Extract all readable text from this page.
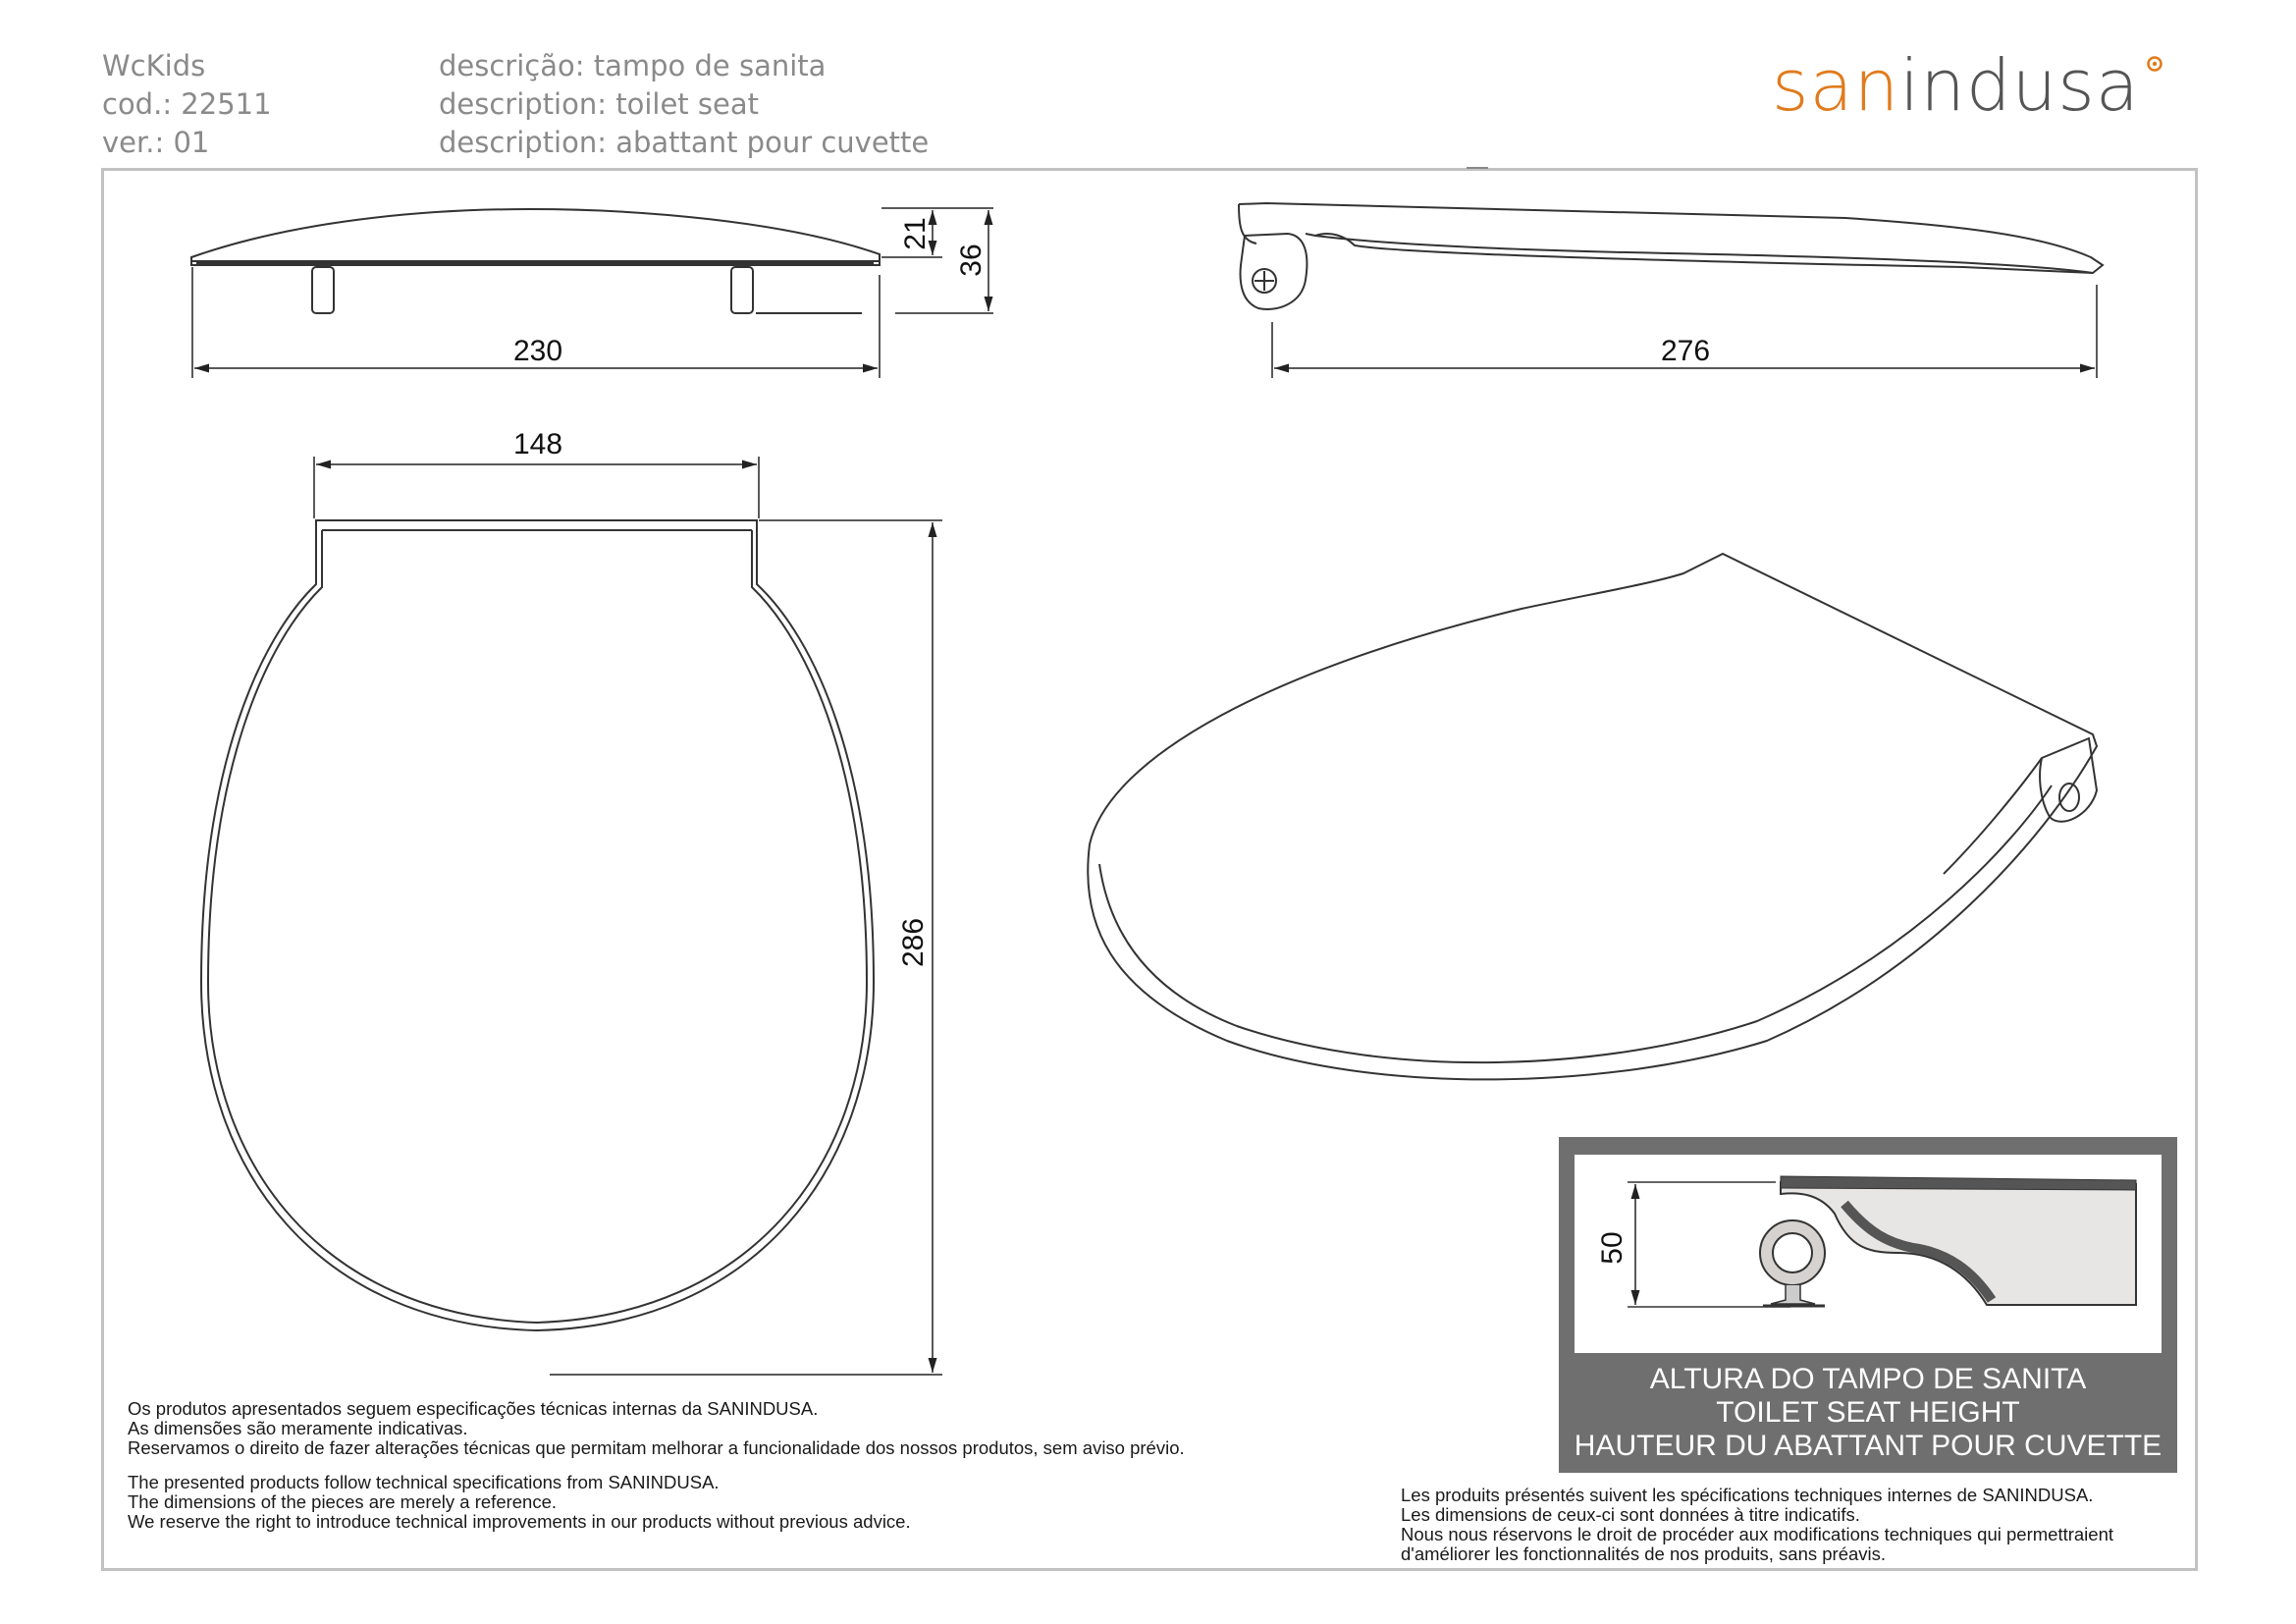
WcKids
cod.: 22511
ver.: 01
descrição: tampo de sanita
description: toilet seat
description: abattant pour cuvette
sanindusa
230
21
36
276
148
286
50
ALTURA DO TAMPO DE SANITA
TOILET SEAT HEIGHT
HAUTEUR DU ABATTANT POUR CUVETTE
Os produtos apresentados seguem especificações técnicas internas da SANINDUSA.
As dimensões são meramente indicativas.
Reservamos o direito de fazer alterações técnicas que permitam melhorar a funcionalidade dos nossos produtos, sem aviso prévio.
The presented products follow technical specifications from SANINDUSA.
The dimensions of the pieces are merely a reference.
We reserve the right to introduce technical improvements in our products without previous advice.
Les produits présentés suivent les spécifications techniques internes de SANINDUSA.
Les dimensions de ceux-ci sont données à titre indicatifs.
Nous nous réservons le droit de procéder aux modifications techniques qui permettraient
d'améliorer les fonctionnalités de nos produits, sans préavis.
